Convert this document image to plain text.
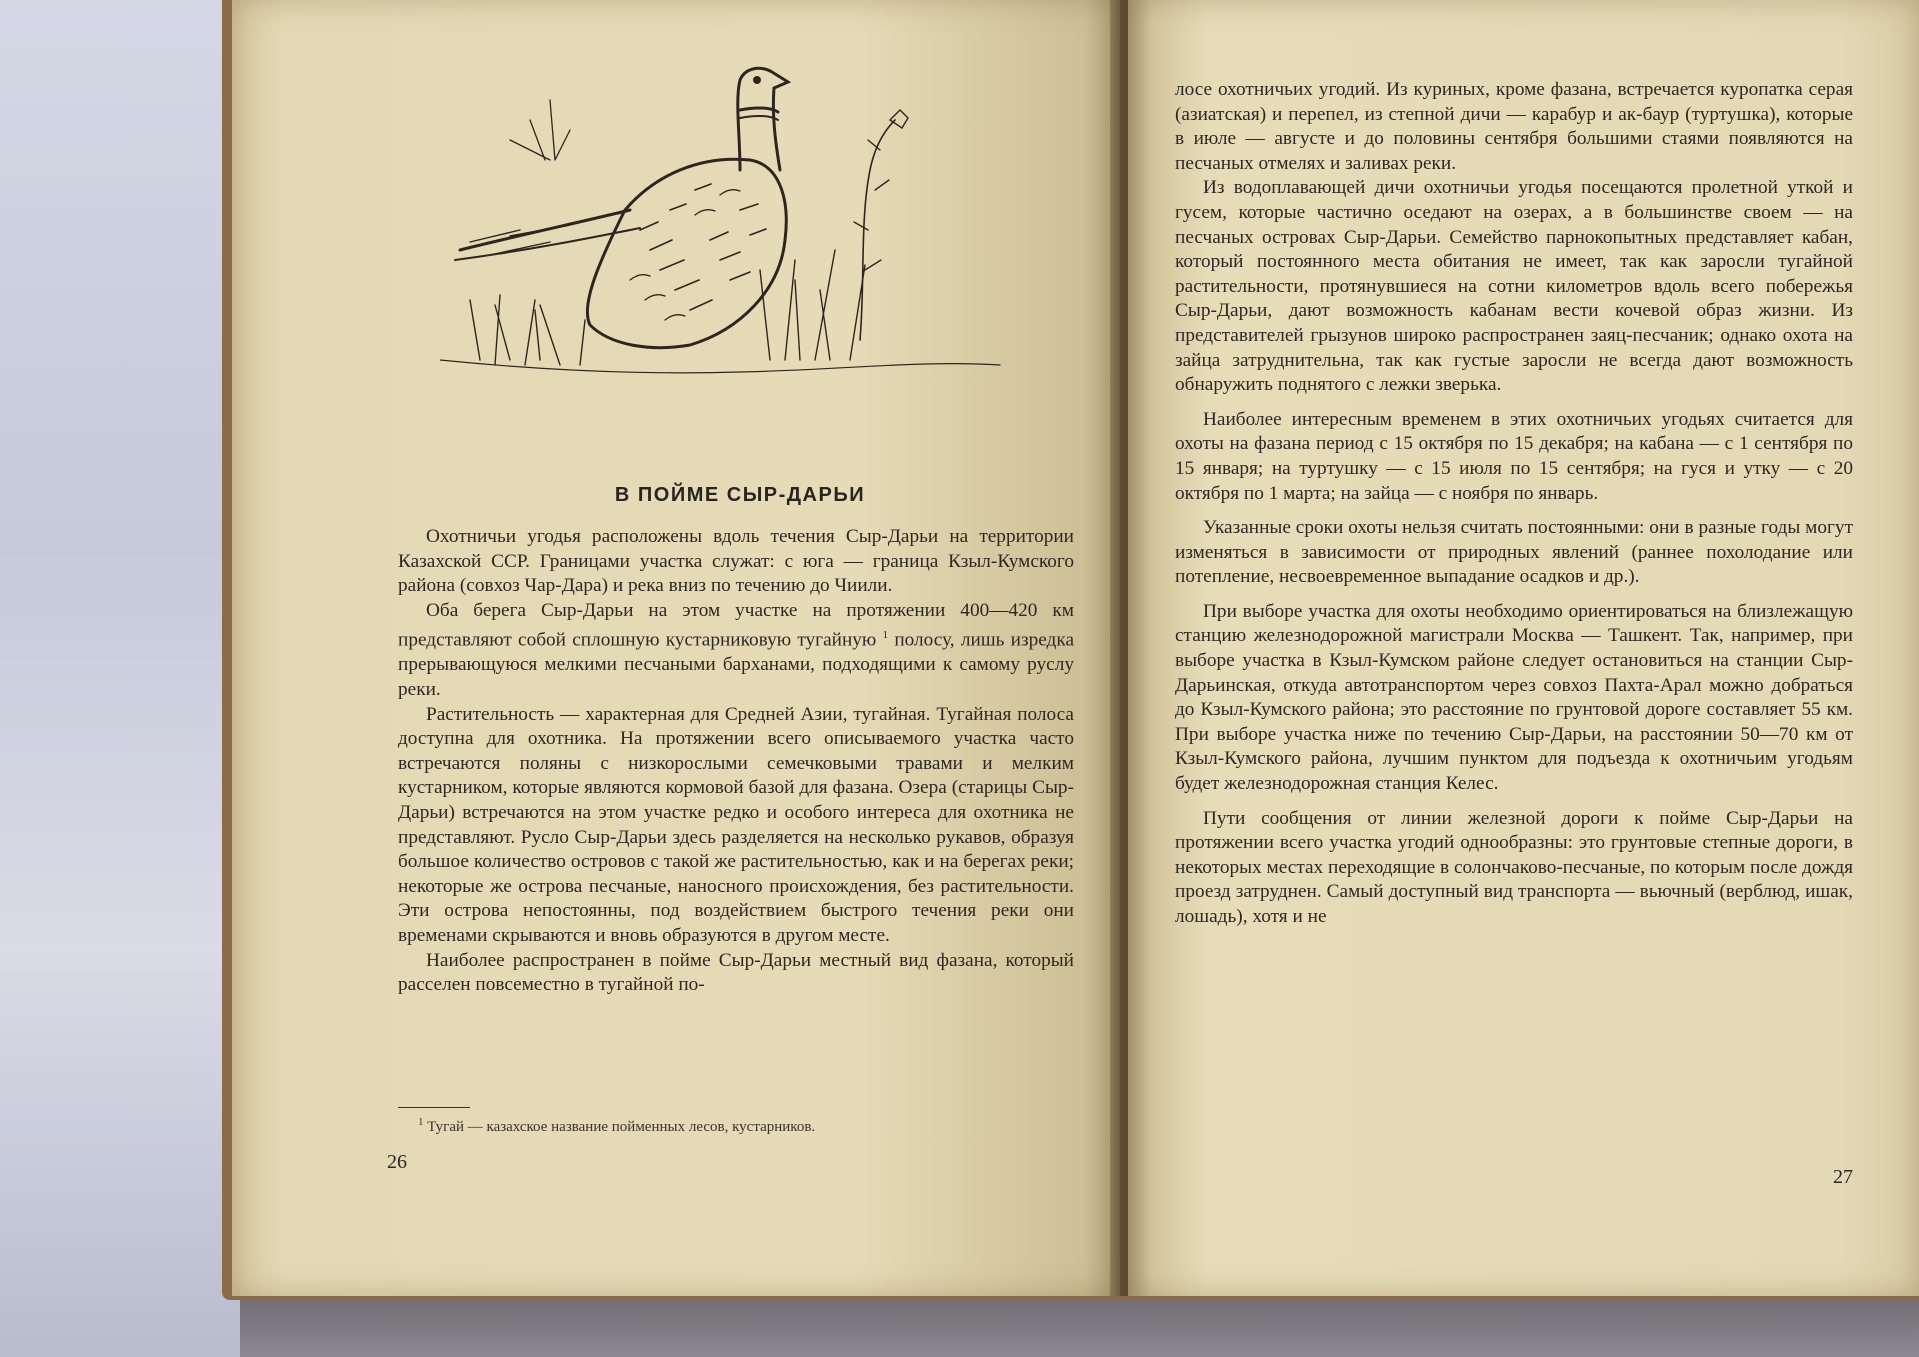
В ПОЙМЕ СЫР-ДАРЬИ

Охотничьи угодья расположены вдоль течения Сыр-Дарьи на территории Казахской ССР. Границами участка служат: с юга — граница Кзыл-Кумского района (совхоз Чар-Дара) и река вниз по течению до Чиили.

Оба берега Сыр-Дарьи на этом участке на протяжении 400—420 км представляют собой сплошную кустарниковую тугайную $^1$ полосу, лишь изредка прерывающуюся мелкими песчаными барханами, подходящими к самому руслу реки.

Растительность — характерная для Средней Азии, тугайная. Тугайная полоса доступна для охотника. На протяжении всего описываемого участка часто встречаются поляны с низкорослыми семечковыми травами и мелким кустарником, которые являются кормовой базой для фазана. Озера (старицы Сыр-Дарьи) встречаются на этом участке редко и особого интереса для охотника не представляют. Русло Сыр-Дарьи здесь разделяется на несколько рукавов, образуя большое количество островов с такой же растительностью, как и на берегах реки; некоторые же острова песчаные, наносного происхождения, без растительности. Эти острова непостоянны, под воздействием быстрого течения реки они временами скрываются и вновь образуются в другом месте.

Наиболее распространен в пойме Сыр-Дарьи местный вид фазана, который расселен повсеместно в тугайной по-

$^1$ Тугай — казахское название пойменных лесов, кустарников.
26

лосе охотничьих угодий. Из куриных, кроме фазана, встречается куропатка серая (азиатская) и перепел, из степной дичи — карабур и ак-баур (туртушка), которые в июле — августе и до половины сентября большими стаями появляются на песчаных отмелях и заливах реки.

Из водоплавающей дичи охотничьи угодья посещаются пролетной уткой и гусем, которые частично оседают на озерах, а в большинстве своем — на песчаных островах Сыр-Дарьи. Семейство парнокопытных представляет кабан, который постоянного места обитания не имеет, так как заросли тугайной растительности, протянувшиеся на сотни километров вдоль всего побережья Сыр-Дарьи, дают возможность кабанам вести кочевой образ жизни. Из представителей грызунов широко распространен заяц-песчаник; однако охота на зайца затруднительна, так как густые заросли не всегда дают возможность обнаружить поднятого с лежки зверька.

Наиболее интересным временем в этих охотничьих угодьях считается для охоты на фазана период с 15 октября по 15 декабря; на кабана — с 1 сентября по 15 января; на туртушку — с 15 июля по 15 сентября; на гуся и утку — с 20 октября по 1 марта; на зайца — с ноября по январь.

Указанные сроки охоты нельзя считать постоянными: они в разные годы могут изменяться в зависимости от природных явлений (раннее похолодание или потепление, несвоевременное выпадание осадков и др.).

При выборе участка для охоты необходимо ориентироваться на близлежащую станцию железнодорожной магистрали Москва — Ташкент. Так, например, при выборе участка в Кзыл-Кумском районе следует остановиться на станции Сыр-Дарьинская, откуда автотранспортом через совхоз Пахта-Арал можно добраться до Кзыл-Кумского района; это расстояние по грунтовой дороге составляет 55 км. При выборе участка ниже по течению Сыр-Дарьи, на расстоянии 50—70 км от Кзыл-Кумского района, лучшим пунктом для подъезда к охотничьим угодьям будет железнодорожная станция Келес.

Пути сообщения от линии железной дороги к пойме Сыр-Дарьи на протяжении всего участка угодий однообразны: это грунтовые степные дороги, в некоторых местах переходящие в солончаково-песчаные, по которым после дождя проезд затруднен. Самый доступный вид транспорта — вьючный (верблюд, ишак, лошадь), хотя и не

27
